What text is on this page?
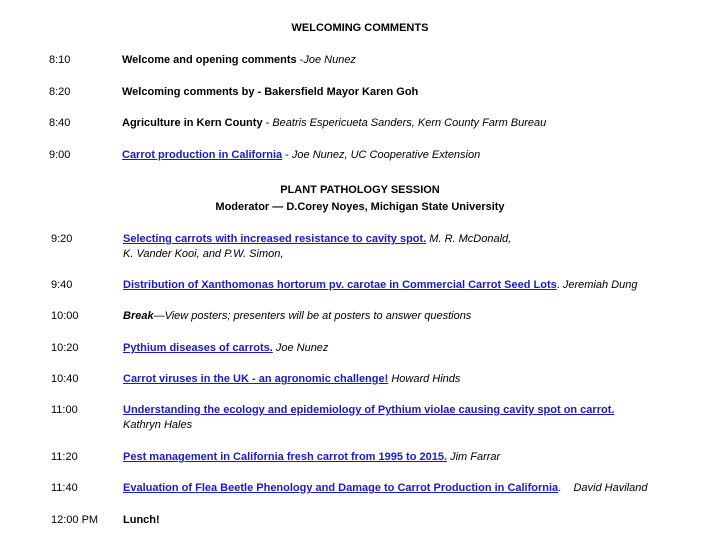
WELCOMING COMMENTS
8:10	Welcome and opening comments -Joe Nunez
8:20	Welcoming comments by - Bakersfield Mayor Karen Goh
8:40	Agriculture in Kern County - Beatris Espericueta Sanders, Kern County Farm Bureau
9:00	Carrot production in California - Joe Nunez, UC Cooperative Extension
PLANT PATHOLOGY SESSION
Moderator — D.Corey Noyes, Michigan State University
9:20	Selecting carrots with increased resistance to cavity spot. M. R. McDonald,
K. Vander Kooi, and P.W. Simon,
9:40	Distribution of Xanthomonas hortorum pv. carotae in Commercial Carrot Seed Lots. Jeremiah Dung
10:00	Break—View posters; presenters will be at posters to answer questions
10:20	Pythium diseases of carrots. Joe Nunez
10:40	Carrot viruses in the UK - an agronomic challenge! Howard Hinds
11:00	Understanding the ecology and epidemiology of Pythium violae causing cavity spot on carrot.
Kathryn Hales
11:20	Pest management in California fresh carrot from 1995 to 2015. Jim Farrar
11:40	Evaluation of Flea Beetle Phenology and Damage to Carrot Production in California.    David Haviland
12:00 PM Lunch!
